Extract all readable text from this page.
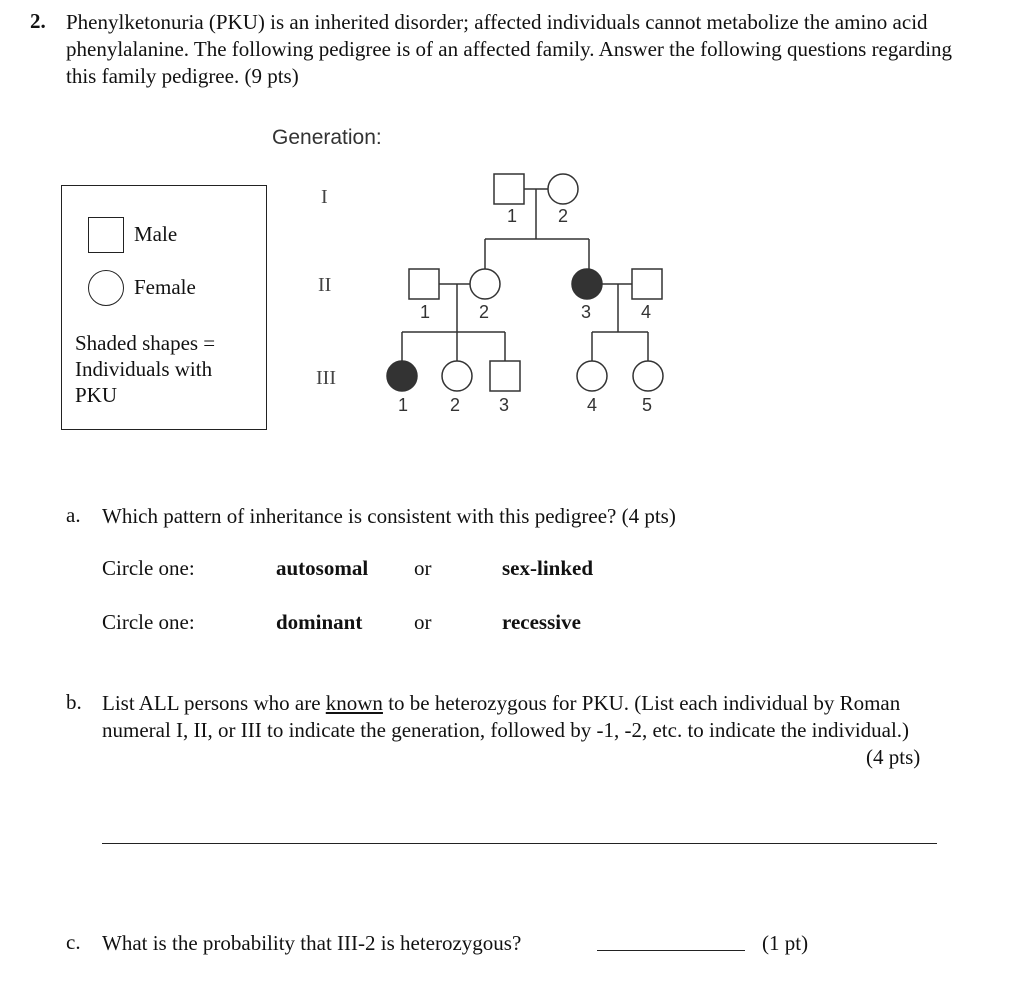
2. Phenylketonuria (PKU) is an inherited disorder; affected individuals cannot metabolize the amino acid phenylalanine. The following pedigree is of an affected family. Answer the following questions regarding this family pedigree. (9 pts)
Generation:
Male
Female
Shaded shapes = Individuals with PKU
I
II
III
1 2
1	2	3	4
1 2 3	4 5
a. Which pattern of inheritance is consistent with this pedigree? (4 pts)
Circle one:	autosomal or	sex-linked
Circle one:	dominant or	recessive
b. List ALL persons who are known to be heterozygous for PKU. (List each individual by Roman numeral I, II, or III to indicate the generation, followed by -1, -2, etc. to indicate the individual.)
(4 pts)
c. What is the probability that III-2 is heterozygous?	(1 pt)
